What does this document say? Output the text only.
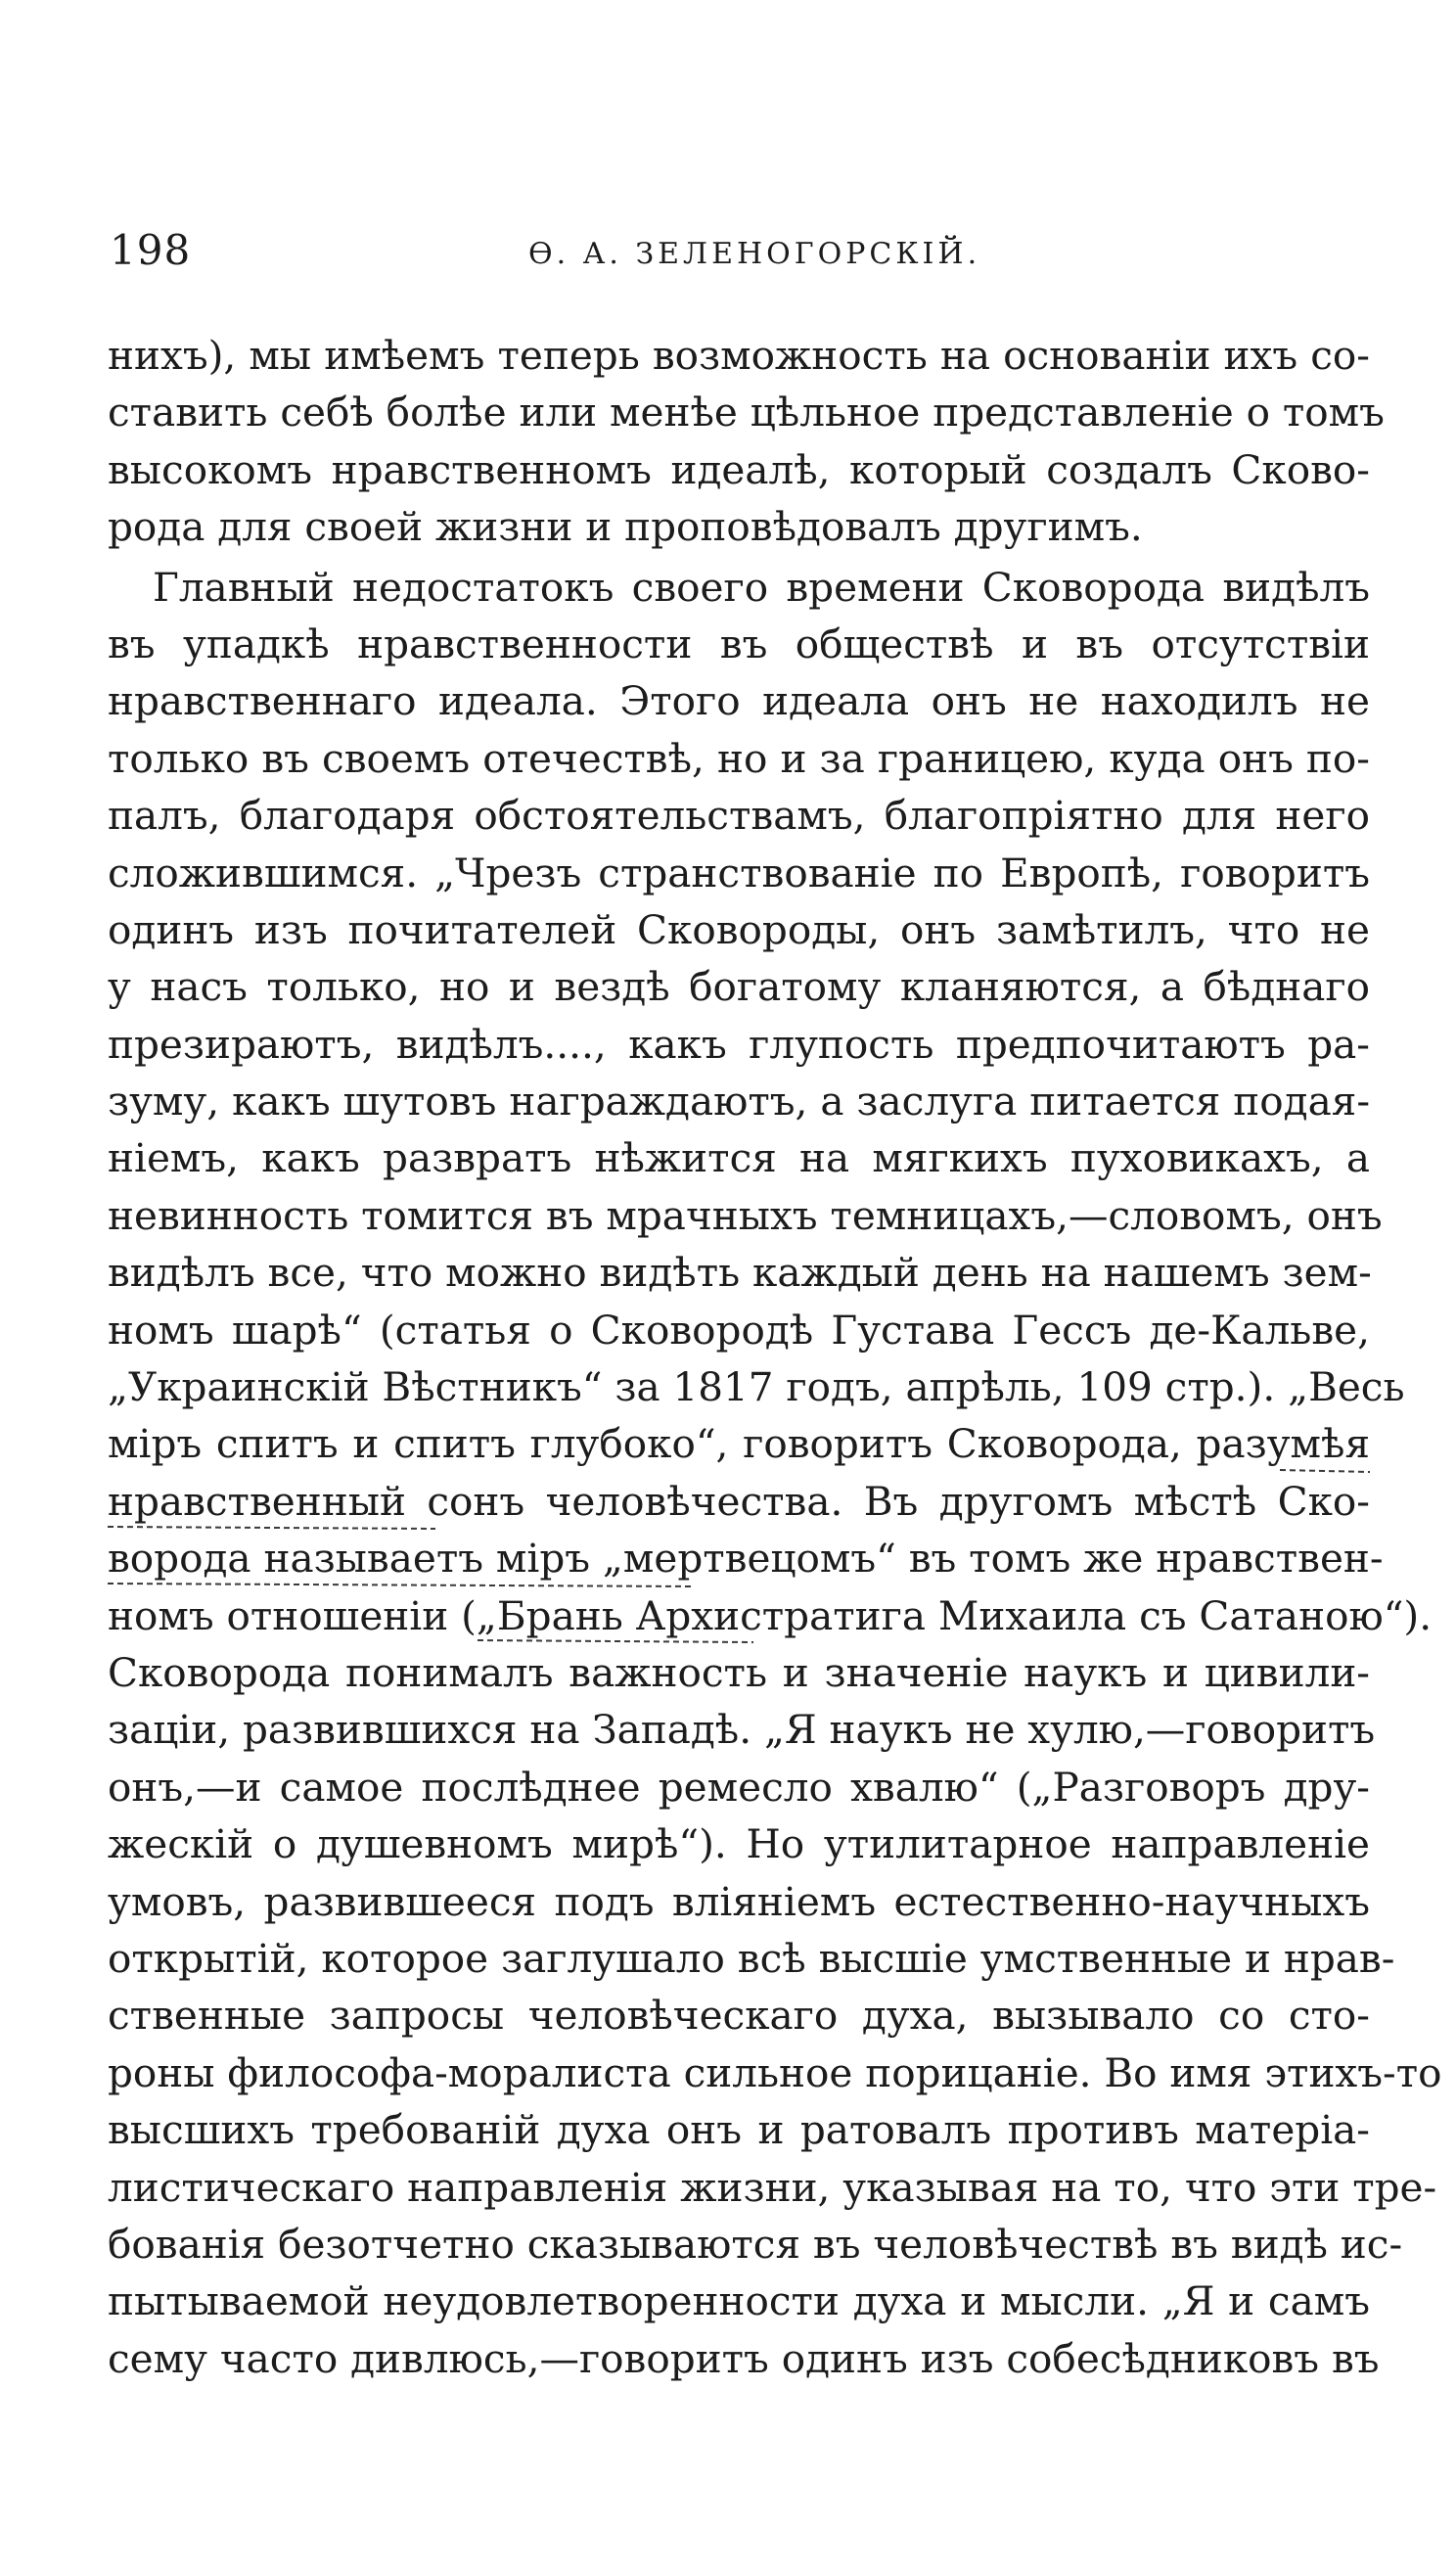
198	Ѳ. А. ЗЕЛЕНОГОРСКІЙ.
нихъ), мы имѣемъ теперь возможность на основаніи ихъ со-
ставить себѣ болѣе или менѣе цѣльное представленіе о томъ
высокомъ нравственномъ идеалѣ, который создалъ Сково-
рода для своей жизни и проповѣдовалъ другимъ.
Главный недостатокъ своего времени Сковорода видѣлъ
въ упадкѣ нравственности въ обществѣ и въ отсутствіи
нравственнаго идеала. Этого идеала онъ не находилъ не
только въ своемъ отечествѣ, но и за границею, куда онъ по-
палъ, благодаря обстоятельствамъ, благопріятно для него
сложившимся. „Чрезъ странствованіе по Европѣ, говоритъ
одинъ изъ почитателей Сковороды, онъ замѣтилъ, что не
у насъ только, но и вездѣ богатому кланяются, а бѣднаго
презираютъ, видѣлъ...., какъ глупость предпочитаютъ ра-
зуму, какъ шутовъ награждаютъ, а заслуга питается подая-
ніемъ, какъ развратъ нѣжится на мягкихъ пуховикахъ, а
невинность томится въ мрачныхъ темницахъ,—словомъ, онъ
видѣлъ все, что можно видѣть каждый день на нашемъ зем-
номъ шарѣ“ (статья о Сковородѣ Густава Гессъ де-Кальве,
„Украинскій Вѣстникъ“ за 1817 годъ, апрѣль, 109 стр.). „Весь
міръ спитъ и спитъ глубоко“, говоритъ Сковорода, разумѣя
нравственный сонъ человѣчества. Въ другомъ мѣстѣ Ско-
ворода называетъ міръ „мертвецомъ“ въ томъ же нравствен-
номъ отношеніи („Брань Архистратига Михаила съ Сатаною“).
Сковорода понималъ важность и значеніе наукъ и цивили-
заціи, развившихся на Западѣ. „Я наукъ не хулю,—говоритъ
онъ,—и самое послѣднее ремесло хвалю“ („Разговоръ дру-
жескій о душевномъ мирѣ“). Но утилитарное направленіе
умовъ, развившееся подъ вліяніемъ естественно-научныхъ
открытій, которое заглушало всѣ высшіе умственные и нрав-
ственные запросы человѣческаго духа, вызывало со сто-
роны философа-моралиста сильное порицаніе. Во имя этихъ-то
высшихъ требованій духа онъ и ратовалъ противъ матеріа-
листическаго направленія жизни, указывая на то, что эти тре-
бованія безотчетно сказываются въ человѣчествѣ въ видѣ ис-
пытываемой неудовлетворенности духа и мысли. „Я и самъ
сему часто дивлюсь,—говоритъ одинъ изъ собесѣдниковъ въ
